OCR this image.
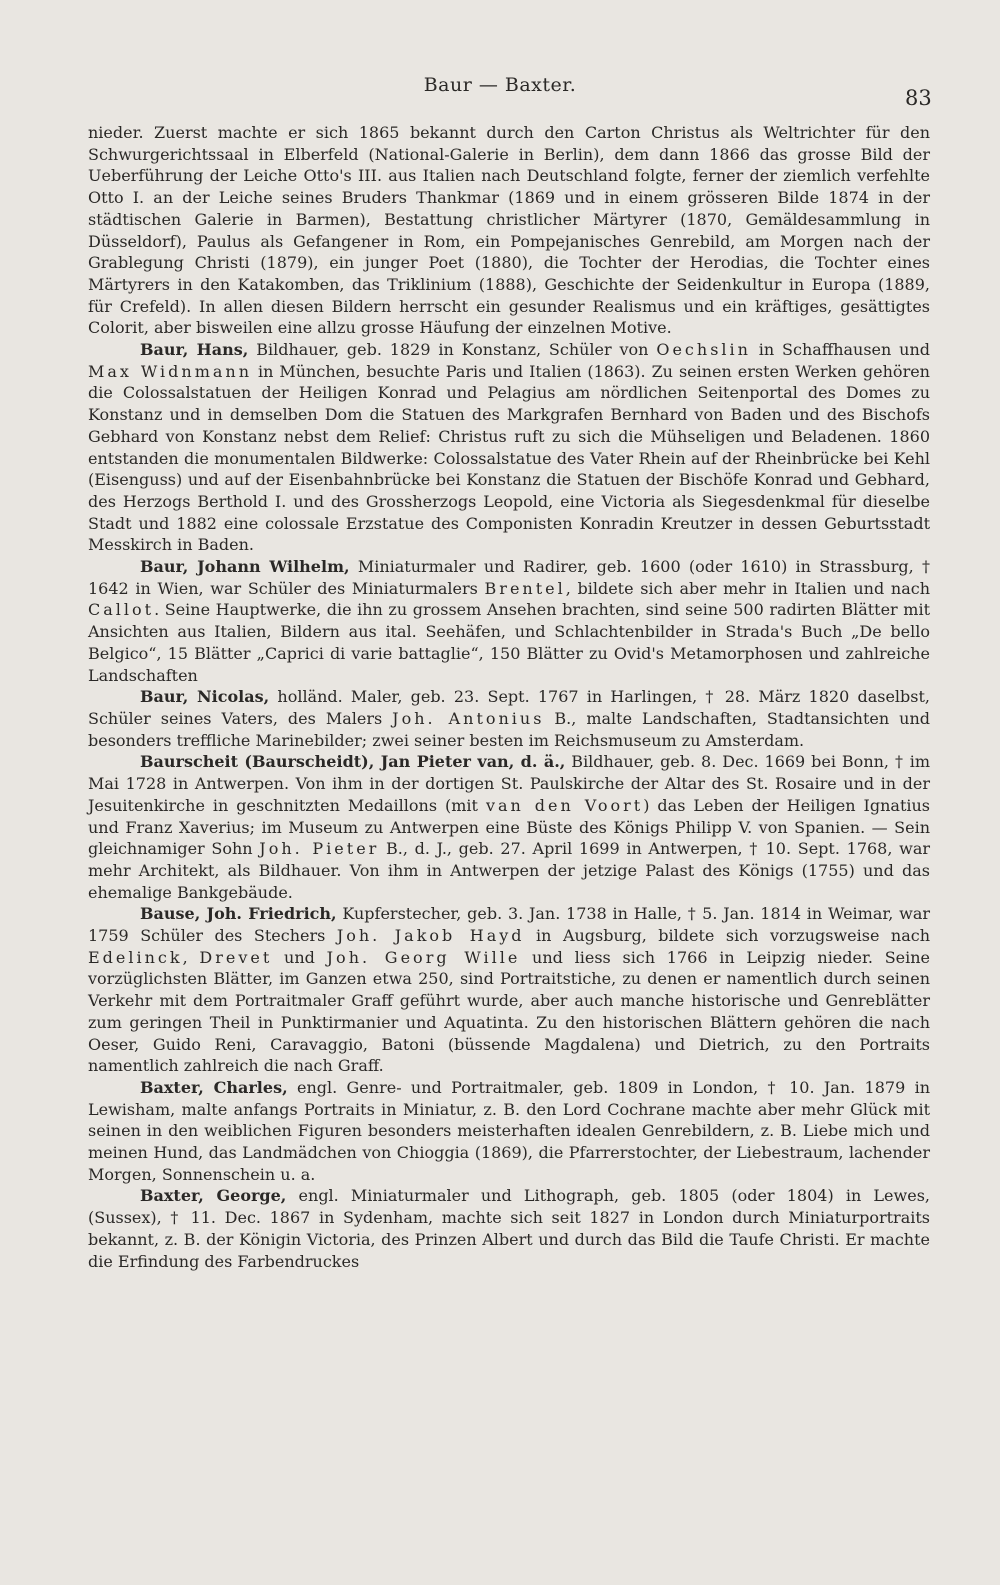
Baur — Baxter.
83

nieder. Zuerst machte er sich 1865 bekannt durch den Carton Christus als Weltrichter für den Schwurgerichtssaal in Elberfeld (National-Galerie in Berlin), dem dann 1866 das grosse Bild der Ueberführung der Leiche Otto's III. aus Italien nach Deutschland folgte, ferner der ziemlich verfehlte Otto I. an der Leiche seines Bruders Thankmar (1869 und in einem grösseren Bilde 1874 in der städtischen Galerie in Barmen), Bestattung christlicher Märtyrer (1870, Gemäldesammlung in Düsseldorf), Paulus als Gefangener in Rom, ein Pompejanisches Genrebild, am Morgen nach der Grablegung Christi (1879), ein junger Poet (1880), die Tochter der Herodias, die Tochter eines Märtyrers in den Katakomben, das Triklinium (1888), Geschichte der Seidenkultur in Europa (1889, für Crefeld). In allen diesen Bildern herrscht ein gesunder Realismus und ein kräftiges, gesättigtes Colorit, aber bisweilen eine allzu grosse Häufung der einzelnen Motive.

Baur, Hans, Bildhauer, geb. 1829 in Konstanz, Schüler von Oechslin in Schaffhausen und Max Widnmann in München, besuchte Paris und Italien (1863). Zu seinen ersten Werken gehören die Colossalstatuen der Heiligen Konrad und Pelagius am nördlichen Seitenportal des Domes zu Konstanz und in demselben Dom die Statuen des Markgrafen Bernhard von Baden und des Bischofs Gebhard von Konstanz nebst dem Relief: Christus ruft zu sich die Mühseligen und Beladenen. 1860 entstanden die monumentalen Bildwerke: Colossalstatue des Vater Rhein auf der Rheinbrücke bei Kehl (Eisenguss) und auf der Eisenbahnbrücke bei Konstanz die Statuen der Bischöfe Konrad und Gebhard, des Herzogs Berthold I. und des Grossherzogs Leopold, eine Victoria als Siegesdenkmal für dieselbe Stadt und 1882 eine colossale Erzstatue des Componisten Konradin Kreutzer in dessen Geburtsstadt Messkirch in Baden.

Baur, Johann Wilhelm, Miniaturmaler und Radirer, geb. 1600 (oder 1610) in Strassburg, † 1642 in Wien, war Schüler des Miniaturmalers Brentel, bildete sich aber mehr in Italien und nach Callot. Seine Hauptwerke, die ihn zu grossem Ansehen brachten, sind seine 500 radirten Blätter mit Ansichten aus Italien, Bildern aus ital. Seehäfen, und Schlachtenbilder in Strada's Buch „De bello Belgico“, 15 Blätter „Caprici di varie battaglie“, 150 Blätter zu Ovid's Metamorphosen und zahlreiche Landschaften

Baur, Nicolas, holländ. Maler, geb. 23. Sept. 1767 in Harlingen, † 28. März 1820 daselbst, Schüler seines Vaters, des Malers Joh. Antonius B., malte Landschaften, Stadtansichten und besonders treffliche Marinebilder; zwei seiner besten im Reichsmuseum zu Amsterdam.

Baurscheit (Baurscheidt), Jan Pieter van, d. ä., Bildhauer, geb. 8. Dec. 1669 bei Bonn, † im Mai 1728 in Antwerpen. Von ihm in der dortigen St. Paulskirche der Altar des St. Rosaire und in der Jesuitenkirche in geschnitzten Medaillons (mit van den Voort) das Leben der Heiligen Ignatius und Franz Xaverius; im Museum zu Antwerpen eine Büste des Königs Philipp V. von Spanien. — Sein gleichnamiger Sohn Joh. Pieter B., d. J., geb. 27. April 1699 in Antwerpen, † 10. Sept. 1768, war mehr Architekt, als Bildhauer. Von ihm in Antwerpen der jetzige Palast des Königs (1755) und das ehemalige Bankgebäude.

Bause, Joh. Friedrich, Kupferstecher, geb. 3. Jan. 1738 in Halle, † 5. Jan. 1814 in Weimar, war 1759 Schüler des Stechers Joh. Jakob Hayd in Augsburg, bildete sich vorzugsweise nach Edelinck, Drevet und Joh. Georg Wille und liess sich 1766 in Leipzig nieder. Seine vorzüglichsten Blätter, im Ganzen etwa 250, sind Portraitstiche, zu denen er namentlich durch seinen Verkehr mit dem Portraitmaler Graff geführt wurde, aber auch manche historische und Genreblätter zum geringen Theil in Punktirmanier und Aquatinta. Zu den historischen Blättern gehören die nach Oeser, Guido Reni, Caravaggio, Batoni (büssende Magdalena) und Dietrich, zu den Portraits namentlich zahlreich die nach Graff.

Baxter, Charles, engl. Genre- und Portraitmaler, geb. 1809 in London, † 10. Jan. 1879 in Lewisham, malte anfangs Portraits in Miniatur, z. B. den Lord Cochrane machte aber mehr Glück mit seinen in den weiblichen Figuren besonders meisterhaften idealen Genrebildern, z. B. Liebe mich und meinen Hund, das Landmädchen von Chioggia (1869), die Pfarrerstochter, der Liebestraum, lachender Morgen, Sonnenschein u. a.

Baxter, George, engl. Miniaturmaler und Lithograph, geb. 1805 (oder 1804) in Lewes, (Sussex), † 11. Dec. 1867 in Sydenham, machte sich seit 1827 in London durch Miniaturportraits bekannt, z. B. der Königin Victoria, des Prinzen Albert und durch das Bild die Taufe Christi. Er machte die Erfindung des Farbendruckes
